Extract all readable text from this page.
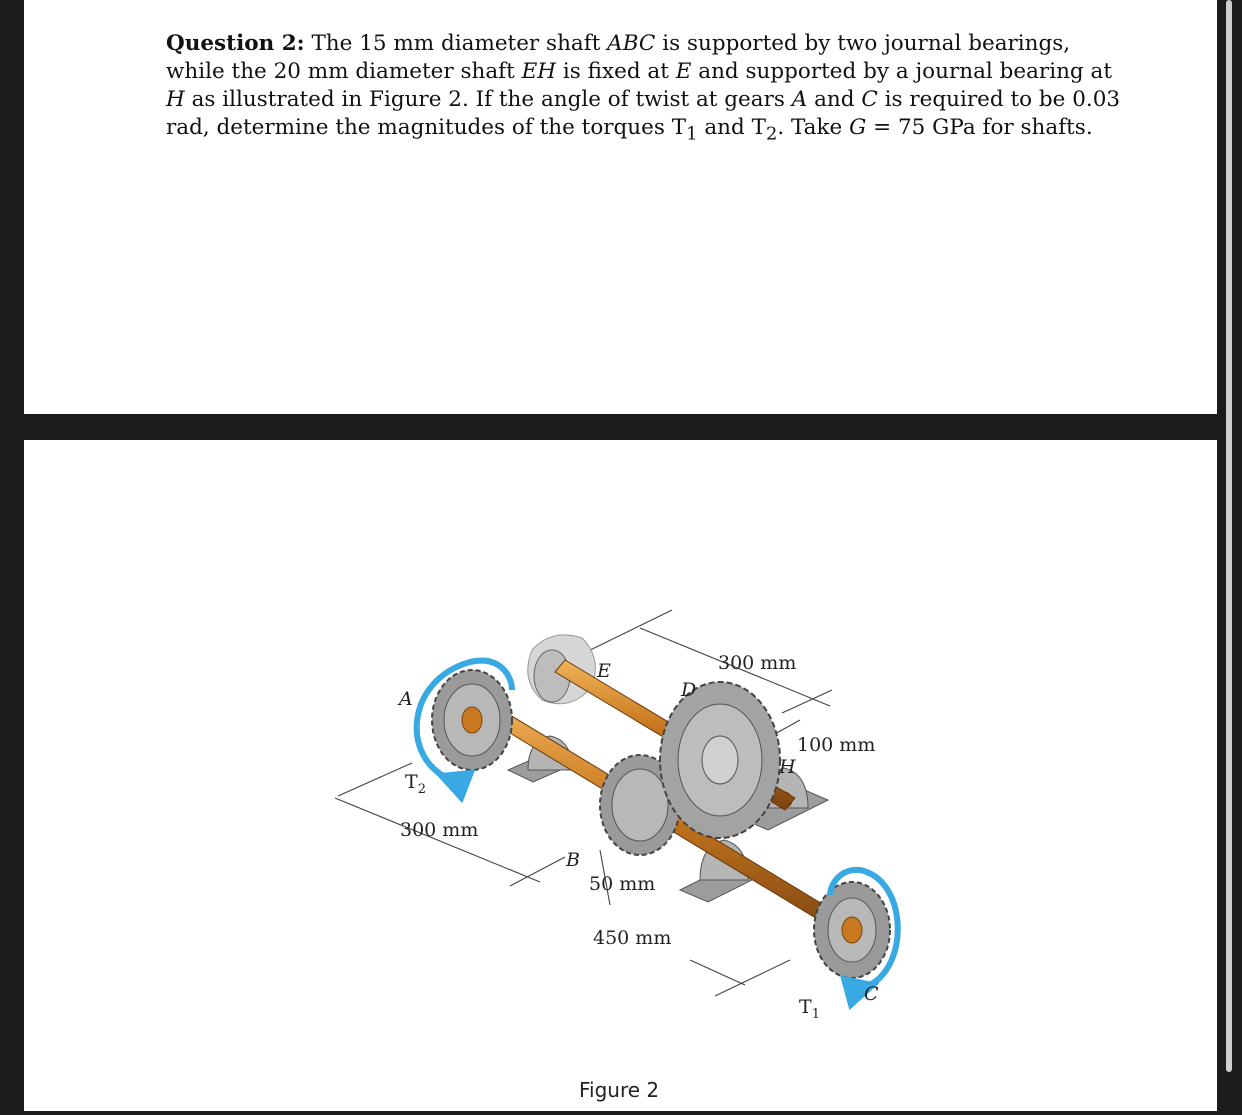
Question 2: The 15 mm diameter shaft ABC is supported by two journal bearings, while the 20 mm diameter shaft EH is fixed at E and supported by a journal bearing at H as illustrated in Figure 2. If the angle of twist at gears A and C is required to be 0.03 rad, determine the magnitudes of the torques $T_1$ and $T_2$. Take G = 75 GPa for shafts.
A
E
D
H
B
C
$T_2$
$T_1$
300 mm
300 mm
100 mm
50 mm
450 mm
Figure 2
